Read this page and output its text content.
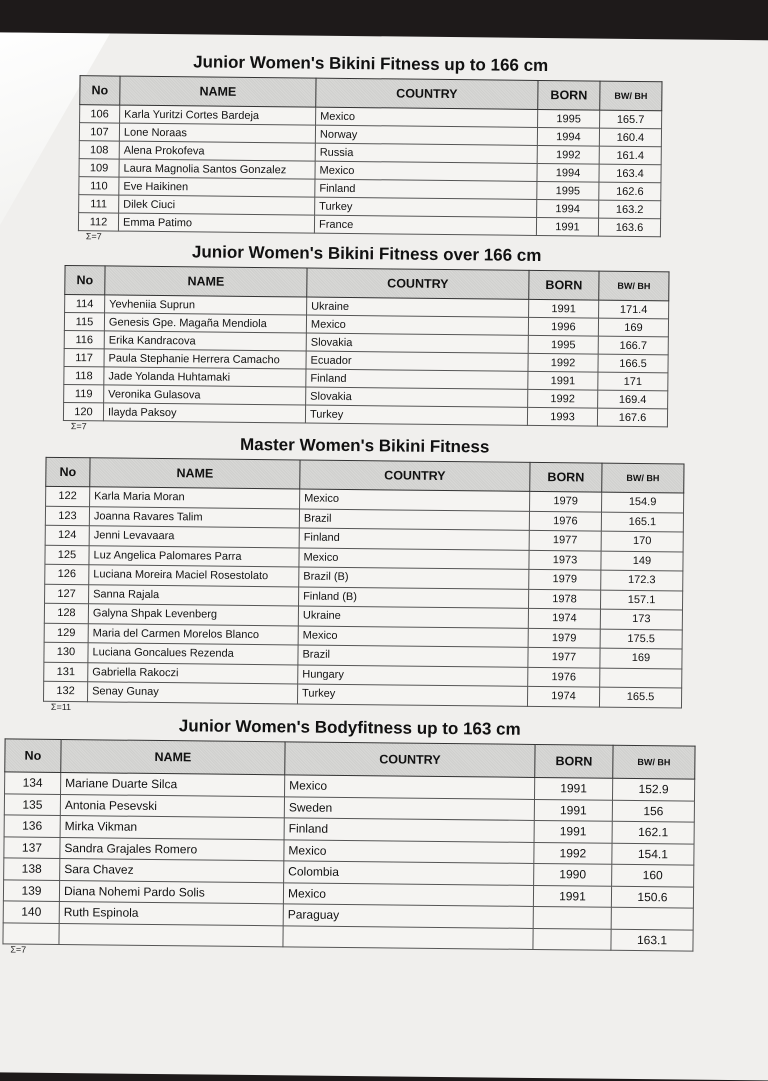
Junior Women's Bikini Fitness up to 166 cm
No	NAME	COUNTRY	BORN	BW/ BH
106	Karla Yuritzi Cortes Bardeja	Mexico	1995	165.7
107	Lone Noraas	Norway	1994	160.4
108	Alena Prokofeva	Russia	1992	161.4
109	Laura Magnolia Santos Gonzalez	Mexico	1994	163.4
110	Eve Haikinen	Finland	1995	162.6
111	Dilek Ciuci	Turkey	1994	163.2
112	Emma Patimo	France	1991	163.6
Σ=7
Junior Women's Bikini Fitness over 166 cm
No	NAME	COUNTRY	BORN	BW/ BH
114	Yevheniia Suprun	Ukraine	1991	171.4
115	Genesis Gpe. Magaña Mendiola	Mexico	1996	169
116	Erika Kandracova	Slovakia	1995	166.7
117	Paula Stephanie Herrera Camacho	Ecuador	1992	166.5
118	Jade Yolanda Huhtamaki	Finland	1991	171
119	Veronika Gulasova	Slovakia	1992	169.4
120	Ilayda Paksoy	Turkey	1993	167.6
Σ=7
Master Women's Bikini Fitness
No	NAME	COUNTRY	BORN	BW/ BH
122	Karla Maria Moran	Mexico	1979	154.9
123	Joanna Ravares Talim	Brazil	1976	165.1
124	Jenni Levavaara	Finland	1977	170
125	Luz Angelica Palomares Parra	Mexico	1973	149
126	Luciana Moreira Maciel Rosestolato	Brazil (B)	1979	172.3
127	Sanna Rajala	Finland (B)	1978	157.1
128	Galyna Shpak Levenberg	Ukraine	1974	173
129	Maria del Carmen Morelos Blanco	Mexico	1979	175.5
130	Luciana Goncalues Rezenda	Brazil	1977	169
131	Gabriella Rakoczi	Hungary	1976	
132	Senay Gunay	Turkey	1974	165.5
Σ=11
Junior Women's Bodyfitness up to 163 cm
No	NAME	COUNTRY	BORN	BW/ BH
134	Mariane Duarte Silca	Mexico	1991	152.9
135	Antonia Pesevski	Sweden	1991	156
136	Mirka Vikman	Finland	1991	162.1
137	Sandra Grajales Romero	Mexico	1992	154.1
138	Sara Chavez	Colombia	1990	160
139	Diana Nohemi Pardo Solis	Mexico	1991	150.6
140	Ruth Espinola	Paraguay		
				163.1
Σ=7
